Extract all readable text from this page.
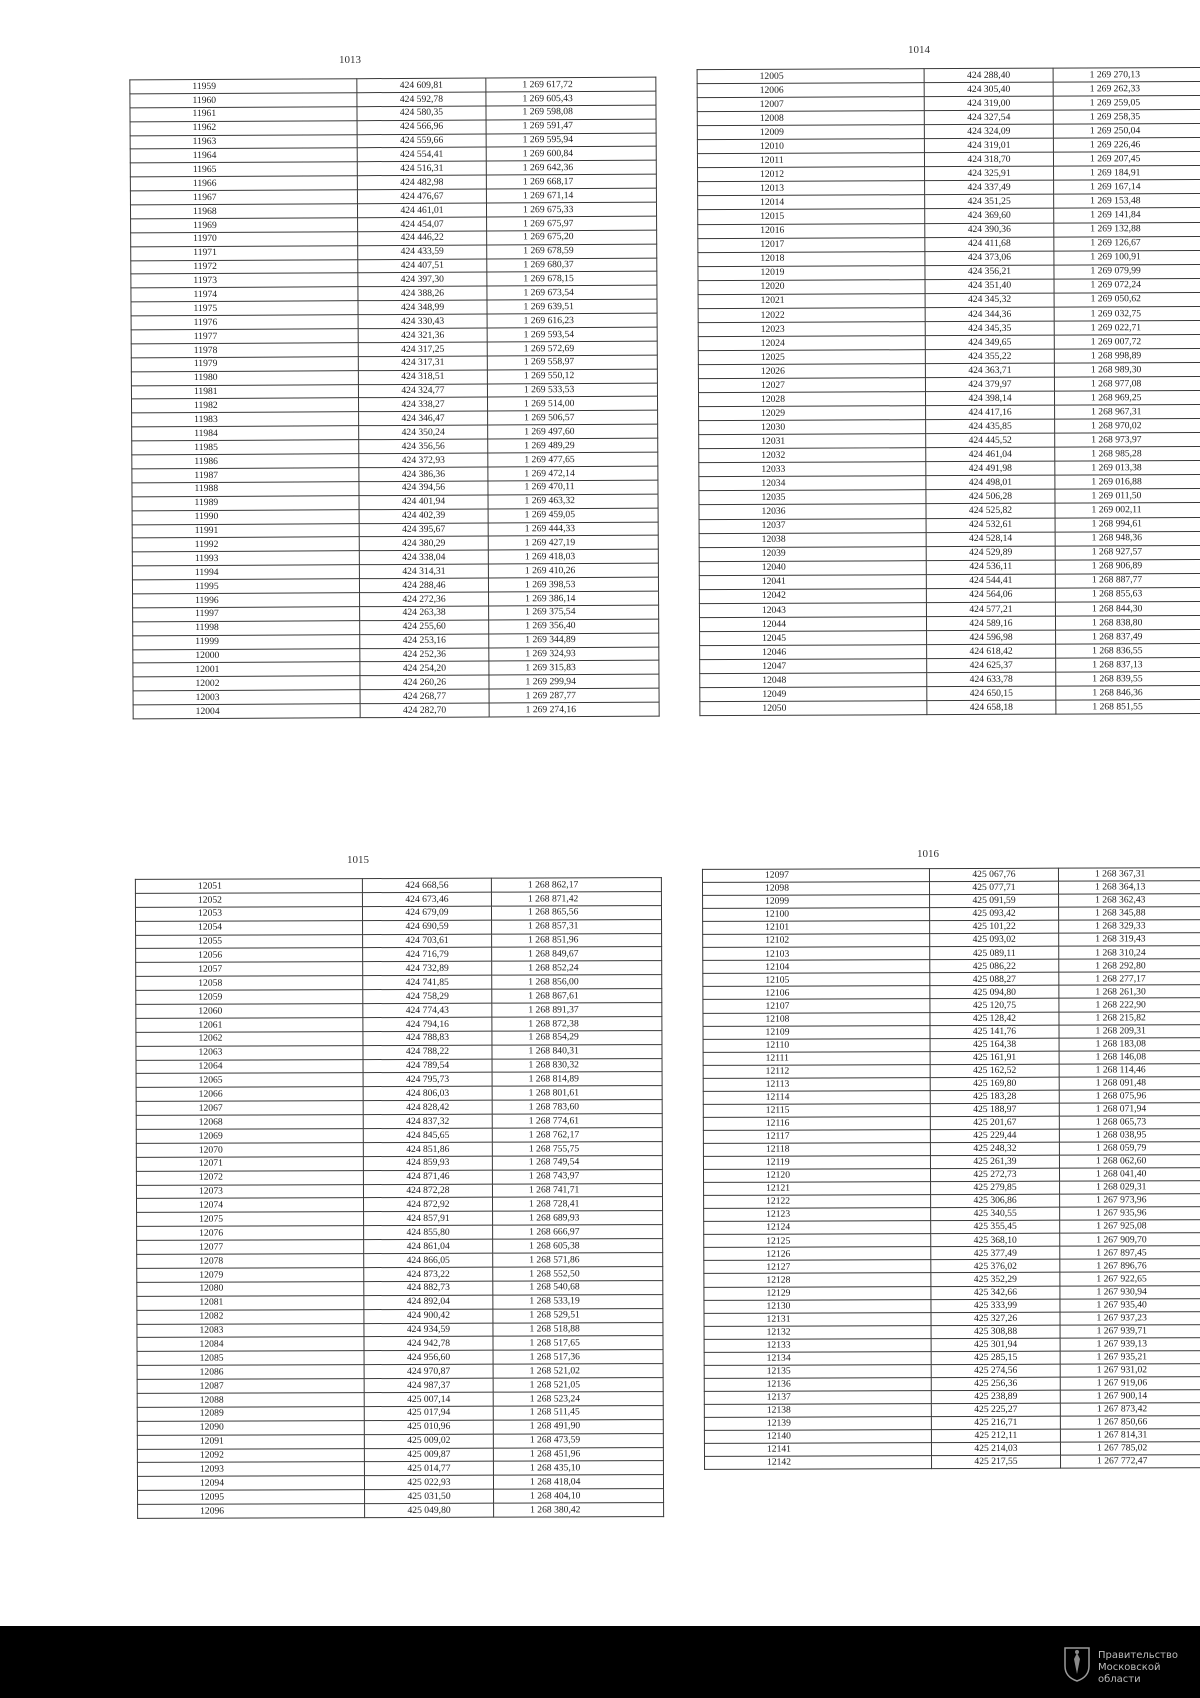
1013
11959	424 609,81	1 269 617,72
11960	424 592,78	1 269 605,43
11961	424 580,35	1 269 598,08
11962	424 566,96	1 269 591,47
11963	424 559,66	1 269 595,94
11964	424 554,41	1 269 600,84
11965	424 516,31	1 269 642,36
11966	424 482,98	1 269 668,17
11967	424 476,67	1 269 671,14
11968	424 461,01	1 269 675,33
11969	424 454,07	1 269 675,97
11970	424 446,22	1 269 675,20
11971	424 433,59	1 269 678,59
11972	424 407,51	1 269 680,37
11973	424 397,30	1 269 678,15
11974	424 388,26	1 269 673,54
11975	424 348,99	1 269 639,51
11976	424 330,43	1 269 616,23
11977	424 321,36	1 269 593,54
11978	424 317,25	1 269 572,69
11979	424 317,31	1 269 558,97
11980	424 318,51	1 269 550,12
11981	424 324,77	1 269 533,53
11982	424 338,27	1 269 514,00
11983	424 346,47	1 269 506,57
11984	424 350,24	1 269 497,60
11985	424 356,56	1 269 489,29
11986	424 372,93	1 269 477,65
11987	424 386,36	1 269 472,14
11988	424 394,56	1 269 470,11
11989	424 401,94	1 269 463,32
11990	424 402,39	1 269 459,05
11991	424 395,67	1 269 444,33
11992	424 380,29	1 269 427,19
11993	424 338,04	1 269 418,03
11994	424 314,31	1 269 410,26
11995	424 288,46	1 269 398,53
11996	424 272,36	1 269 386,14
11997	424 263,38	1 269 375,54
11998	424 255,60	1 269 356,40
11999	424 253,16	1 269 344,89
12000	424 252,36	1 269 324,93
12001	424 254,20	1 269 315,83
12002	424 260,26	1 269 299,94
12003	424 268,77	1 269 287,77
12004	424 282,70	1 269 274,16
1014
12005	424 288,40	1 269 270,13
12006	424 305,40	1 269 262,33
12007	424 319,00	1 269 259,05
12008	424 327,54	1 269 258,35
12009	424 324,09	1 269 250,04
12010	424 319,01	1 269 226,46
12011	424 318,70	1 269 207,45
12012	424 325,91	1 269 184,91
12013	424 337,49	1 269 167,14
12014	424 351,25	1 269 153,48
12015	424 369,60	1 269 141,84
12016	424 390,36	1 269 132,88
12017	424 411,68	1 269 126,67
12018	424 373,06	1 269 100,91
12019	424 356,21	1 269 079,99
12020	424 351,40	1 269 072,24
12021	424 345,32	1 269 050,62
12022	424 344,36	1 269 032,75
12023	424 345,35	1 269 022,71
12024	424 349,65	1 269 007,72
12025	424 355,22	1 268 998,89
12026	424 363,71	1 268 989,30
12027	424 379,97	1 268 977,08
12028	424 398,14	1 268 969,25
12029	424 417,16	1 268 967,31
12030	424 435,85	1 268 970,02
12031	424 445,52	1 268 973,97
12032	424 461,04	1 268 985,28
12033	424 491,98	1 269 013,38
12034	424 498,01	1 269 016,88
12035	424 506,28	1 269 011,50
12036	424 525,82	1 269 002,11
12037	424 532,61	1 268 994,61
12038	424 528,14	1 268 948,36
12039	424 529,89	1 268 927,57
12040	424 536,11	1 268 906,89
12041	424 544,41	1 268 887,77
12042	424 564,06	1 268 855,63
12043	424 577,21	1 268 844,30
12044	424 589,16	1 268 838,80
12045	424 596,98	1 268 837,49
12046	424 618,42	1 268 836,55
12047	424 625,37	1 268 837,13
12048	424 633,78	1 268 839,55
12049	424 650,15	1 268 846,36
12050	424 658,18	1 268 851,55
1015
12051	424 668,56	1 268 862,17
12052	424 673,46	1 268 871,42
12053	424 679,09	1 268 865,56
12054	424 690,59	1 268 857,31
12055	424 703,61	1 268 851,96
12056	424 716,79	1 268 849,67
12057	424 732,89	1 268 852,24
12058	424 741,85	1 268 856,00
12059	424 758,29	1 268 867,61
12060	424 774,43	1 268 891,37
12061	424 794,16	1 268 872,38
12062	424 788,83	1 268 854,29
12063	424 788,22	1 268 840,31
12064	424 789,54	1 268 830,32
12065	424 795,73	1 268 814,89
12066	424 806,03	1 268 801,61
12067	424 828,42	1 268 783,60
12068	424 837,32	1 268 774,61
12069	424 845,65	1 268 762,17
12070	424 851,86	1 268 755,75
12071	424 859,93	1 268 749,54
12072	424 871,46	1 268 743,97
12073	424 872,28	1 268 741,71
12074	424 872,92	1 268 728,41
12075	424 857,91	1 268 689,93
12076	424 855,80	1 268 666,97
12077	424 861,04	1 268 605,38
12078	424 866,05	1 268 571,86
12079	424 873,22	1 268 552,50
12080	424 882,73	1 268 540,68
12081	424 892,04	1 268 533,19
12082	424 900,42	1 268 529,51
12083	424 934,59	1 268 518,88
12084	424 942,78	1 268 517,65
12085	424 956,60	1 268 517,36
12086	424 970,87	1 268 521,02
12087	424 987,37	1 268 521,05
12088	425 007,14	1 268 523,24
12089	425 017,94	1 268 511,45
12090	425 010,96	1 268 491,90
12091	425 009,02	1 268 473,59
12092	425 009,87	1 268 451,96
12093	425 014,77	1 268 435,10
12094	425 022,93	1 268 418,04
12095	425 031,50	1 268 404,10
12096	425 049,80	1 268 380,42
1016
12097	425 067,76	1 268 367,31
12098	425 077,71	1 268 364,13
12099	425 091,59	1 268 362,43
12100	425 093,42	1 268 345,88
12101	425 101,22	1 268 329,33
12102	425 093,02	1 268 319,43
12103	425 089,11	1 268 310,24
12104	425 086,22	1 268 292,80
12105	425 088,27	1 268 277,17
12106	425 094,80	1 268 261,30
12107	425 120,75	1 268 222,90
12108	425 128,42	1 268 215,82
12109	425 141,76	1 268 209,31
12110	425 164,38	1 268 183,08
12111	425 161,91	1 268 146,08
12112	425 162,52	1 268 114,46
12113	425 169,80	1 268 091,48
12114	425 183,28	1 268 075,96
12115	425 188,97	1 268 071,94
12116	425 201,67	1 268 065,73
12117	425 229,44	1 268 038,95
12118	425 248,32	1 268 059,79
12119	425 261,39	1 268 062,60
12120	425 272,73	1 268 041,40
12121	425 279,85	1 268 029,31
12122	425 306,86	1 267 973,96
12123	425 340,55	1 267 935,96
12124	425 355,45	1 267 925,08
12125	425 368,10	1 267 909,70
12126	425 377,49	1 267 897,45
12127	425 376,02	1 267 896,76
12128	425 352,29	1 267 922,65
12129	425 342,66	1 267 930,94
12130	425 333,99	1 267 935,40
12131	425 327,26	1 267 937,23
12132	425 308,88	1 267 939,71
12133	425 301,94	1 267 939,13
12134	425 285,15	1 267 935,21
12135	425 274,56	1 267 931,02
12136	425 256,36	1 267 919,06
12137	425 238,89	1 267 900,14
12138	425 225,27	1 267 873,42
12139	425 216,71	1 267 850,66
12140	425 212,11	1 267 814,31
12141	425 214,03	1 267 785,02
12142	425 217,55	1 267 772,47
Правительство
Московской области
